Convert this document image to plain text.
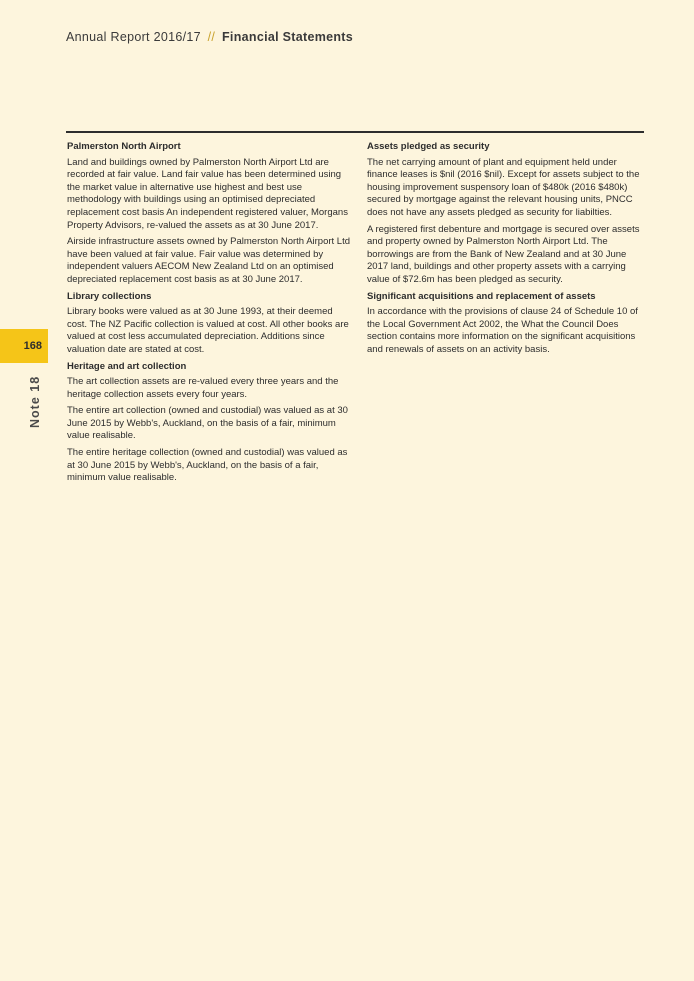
Annual Report 2016/17 // Financial Statements
168
Note 18
Palmerston North Airport

Land and buildings owned by Palmerston North Airport Ltd are recorded at fair value. Land fair value has been determined using the market value in alternative use highest and best use methodology with buildings using an optimised depreciated replacement cost basis An independent registered valuer, Morgans Property Advisors, re-valued the assets as at 30 June 2017.

Airside infrastructure assets owned by Palmerston North Airport Ltd have been valued at fair value. Fair value was determined by independent valuers AECOM New Zealand Ltd on an optimised depreciated replacement cost basis as at 30 June 2017.

Library collections

Library books were valued as at 30 June 1993, at their deemed cost. The NZ Pacific collection is valued at cost. All other books are valued at cost less accumulated depreciation. Additions since valuation date are stated at cost.

Heritage and art collection

The art collection assets are re-valued every three years and the heritage collection assets every four years.

The entire art collection (owned and custodial) was valued as at 30 June 2015 by Webb's, Auckland, on the basis of a fair, minimum value realisable.

The entire heritage collection (owned and custodial) was valued as at 30 June 2015 by Webb's, Auckland, on the basis of a fair, minimum value realisable.

Assets pledged as security

The net carrying amount of plant and equipment held under finance leases is $nil (2016 $nil). Except for assets subject to the housing improvement suspensory loan of $480k (2016 $480k) secured by mortgage against the relevant housing units, PNCC does not have any assets pledged as security for liabilties.

A registered first debenture and mortgage is secured over assets and property owned by Palmerston North Airport Ltd. The borrowings are from the Bank of New Zealand and at 30 June 2017 land, buildings and other property assets with a carrying value of $72.6m has been pledged as security.

Significant acquisitions and replacement of assets

In accordance with the provisions of clause 24 of Schedule 10 of the Local Government Act 2002, the What the Council Does section contains more information on the significant acquisitions and renewals of assets on an activity basis.
